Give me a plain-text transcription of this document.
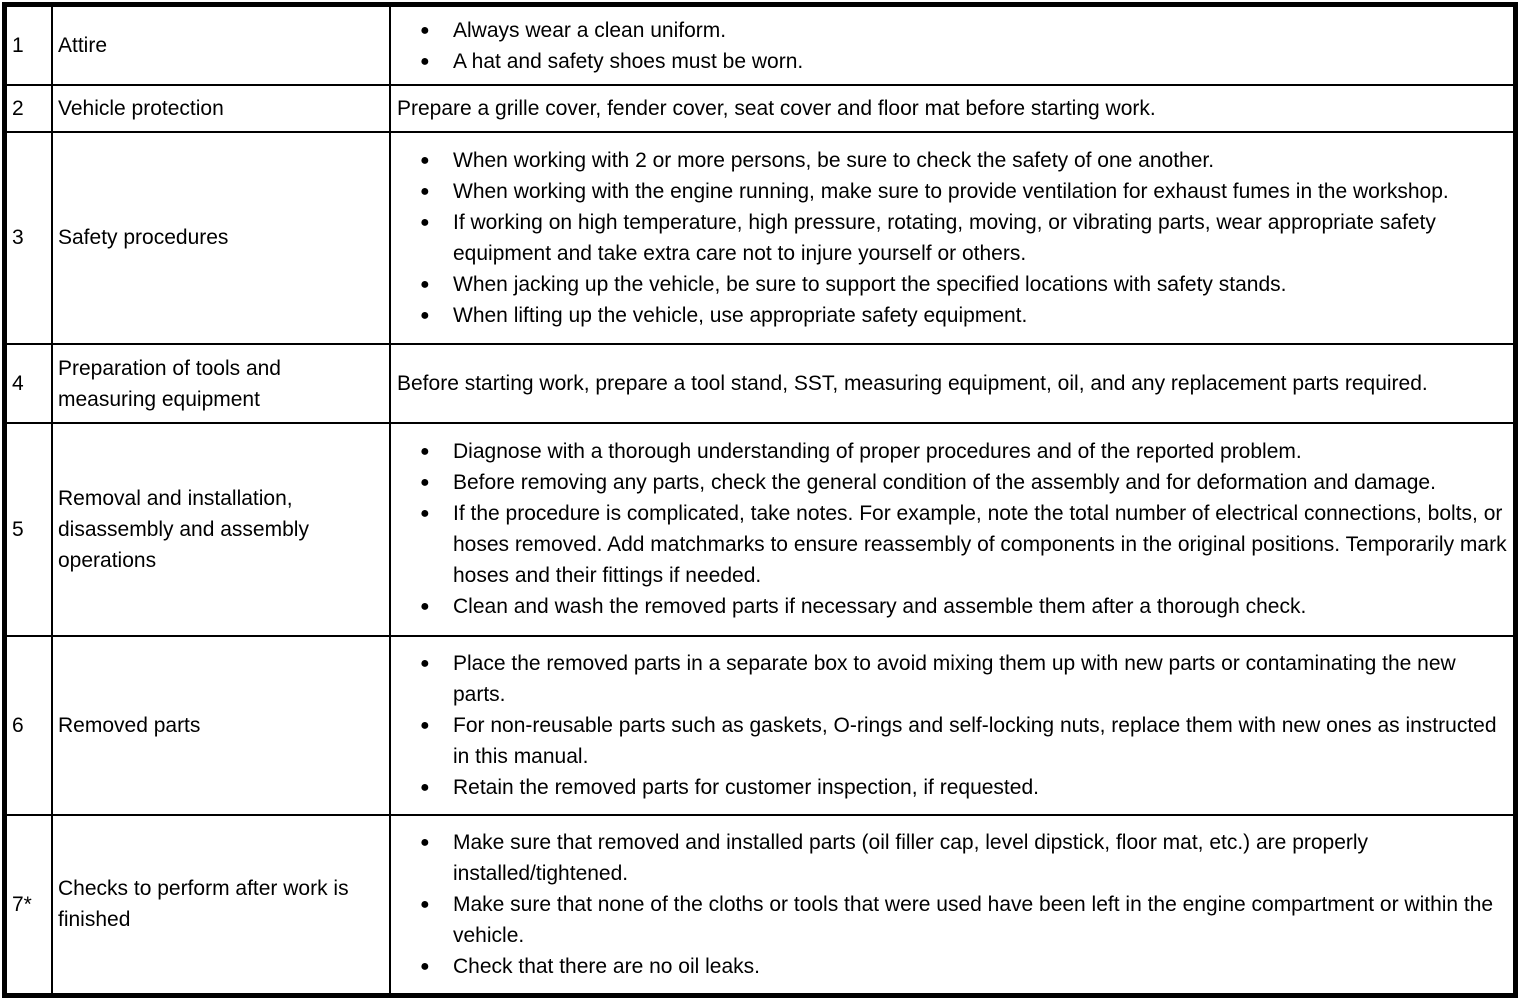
1	Attire	● Always wear a clean uniform.
● A hat and safety shoes must be worn.

2	Vehicle protection	Prepare a grille cover, fender cover, seat cover and floor mat before starting work.

3	Safety procedures	
●	When working with 2 or more persons, be sure to check the safety of one another.
●	When working with the engine running, make sure to provide ventilation for exhaust fumes in the workshop.
●	If working on high temperature, high pressure, rotating, moving, or vibrating parts, wear appropriate safety equipment and take extra care not to injure yourself or others.
●	When jacking up the vehicle, be sure to support the specified locations with safety stands.
●	When lifting up the vehicle, use appropriate safety equipment.

4	Preparation of tools and measuring equipment	Before starting work, prepare a tool stand, SST, measuring equipment, oil, and any replacement parts required.

5	Removal and installation, disassembly and assembly operations	
●	Diagnose with a thorough understanding of proper procedures and of the reported problem.
●	Before removing any parts, check the general condition of the assembly and for deformation and damage.
●	If the procedure is complicated, take notes. For example, note the total number of electrical connections, bolts, or hoses removed. Add matchmarks to ensure reassembly of components in the original positions. Temporarily mark hoses and their fittings if needed.
●	Clean and wash the removed parts if necessary and assemble them after a thorough check.

6	Removed parts	
●	Place the removed parts in a separate box to avoid mixing them up with new parts or contaminating the new parts.
●	For non-reusable parts such as gaskets, O-rings and self-locking nuts, replace them with new ones as instructed in this manual.
●	Retain the removed parts for customer inspection, if requested.

7*	Checks to perform after work is finished	
●	Make sure that removed and installed parts (oil filler cap, level dipstick, floor mat, etc.) are properly installed/tightened.
●	Make sure that none of the cloths or tools that were used have been left in the engine compartment or within the vehicle.
●	Check that there are no oil leaks.
